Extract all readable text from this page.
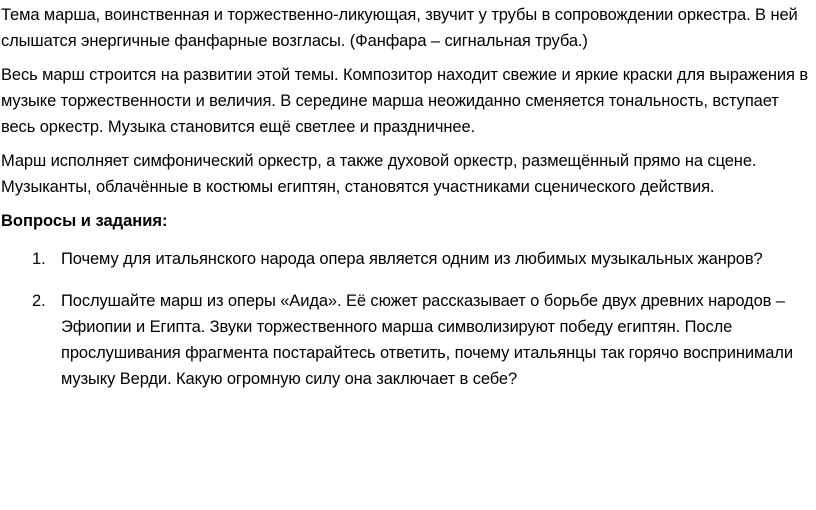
Тема марша, воинственная и торжественно-ликующая, звучит у трубы в сопровождении оркестра. В ней слышатся энергичные фанфарные возгласы. (Фанфара – сигнальная труба.)

Весь марш строится на развитии этой темы. Композитор находит свежие и яркие краски для выражения в музыке торжественности и величия. В середине марша неожиданно сменяется тональность, вступает весь оркестр. Музыка становится ещё светлее и праздничнее.

Марш исполняет симфонический оркестр, а также духовой оркестр, размещённый прямо на сцене. Музыканты, облачённые в костюмы египтян, становятся участниками сценического действия.

Вопросы и задания:
1. Почему для итальянского народа опера является одним из любимых музыкальных жанров?
2. Послушайте марш из оперы «Аида». Её сюжет рассказывает о борьбе двух древних народов – Эфиопии и Египта. Звуки торжественного марша символизируют победу египтян. После прослушивания фрагмента постарайтесь ответить, почему итальянцы так горячо воспринимали музыку Верди. Какую огромную силу она заключает в себе?
